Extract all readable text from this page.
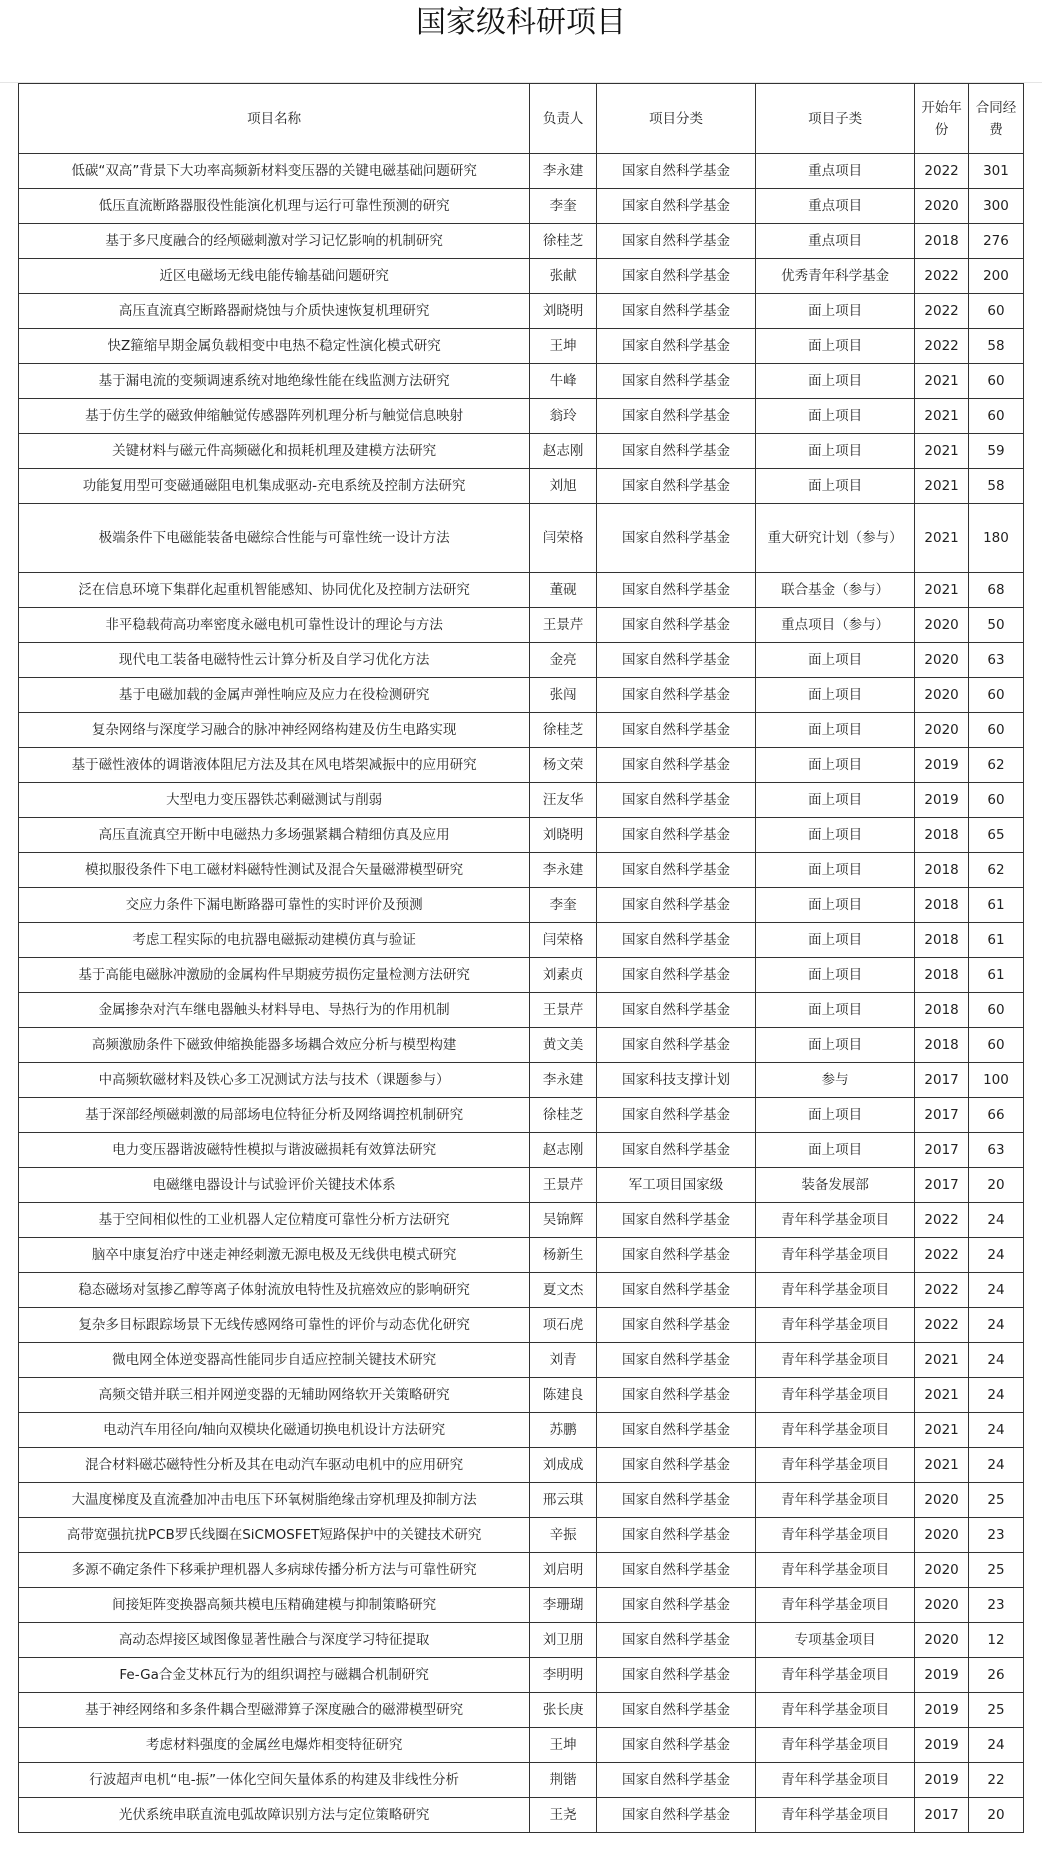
国家级科研项目
项目名称	负责人	项目分类	项目子类	开始年份	合同经费
低碳“双高”背景下大功率高频新材料变压器的关键电磁基础问题研究	李永建	国家自然科学基金	重点项目	2022	301
低压直流断路器服役性能演化机理与运行可靠性预测的研究	李奎	国家自然科学基金	重点项目	2020	300
基于多尺度融合的经颅磁刺激对学习记忆影响的机制研究	徐桂芝	国家自然科学基金	重点项目	2018	276
近区电磁场无线电能传输基础问题研究	张献	国家自然科学基金	优秀青年科学基金	2022	200
高压直流真空断路器耐烧蚀与介质快速恢复机理研究	刘晓明	国家自然科学基金	面上项目	2022	60
快Z箍缩早期金属负载相变中电热不稳定性演化模式研究	王坤	国家自然科学基金	面上项目	2022	58
基于漏电流的变频调速系统对地绝缘性能在线监测方法研究	牛峰	国家自然科学基金	面上项目	2021	60
基于仿生学的磁致伸缩触觉传感器阵列机理分析与触觉信息映射	翁玲	国家自然科学基金	面上项目	2021	60
关键材料与磁元件高频磁化和损耗机理及建模方法研究	赵志刚	国家自然科学基金	面上项目	2021	59
功能复用型可变磁通磁阻电机集成驱动-充电系统及控制方法研究	刘旭	国家自然科学基金	面上项目	2021	58
极端条件下电磁能装备电磁综合性能与可靠性统一设计方法	闫荣格	国家自然科学基金	重大研究计划（参与）	2021	180
泛在信息环境下集群化起重机智能感知、协同优化及控制方法研究	董砚	国家自然科学基金	联合基金（参与）	2021	68
非平稳载荷高功率密度永磁电机可靠性设计的理论与方法	王景芹	国家自然科学基金	重点项目（参与）	2020	50
现代电工装备电磁特性云计算分析及自学习优化方法	金亮	国家自然科学基金	面上项目	2020	63
基于电磁加载的金属声弹性响应及应力在役检测研究	张闯	国家自然科学基金	面上项目	2020	60
复杂网络与深度学习融合的脉冲神经网络构建及仿生电路实现	徐桂芝	国家自然科学基金	面上项目	2020	60
基于磁性液体的调谐液体阻尼方法及其在风电塔架减振中的应用研究	杨文荣	国家自然科学基金	面上项目	2019	62
大型电力变压器铁芯剩磁测试与削弱	汪友华	国家自然科学基金	面上项目	2019	60
高压直流真空开断中电磁热力多场强紧耦合精细仿真及应用	刘晓明	国家自然科学基金	面上项目	2018	65
模拟服役条件下电工磁材料磁特性测试及混合矢量磁滞模型研究	李永建	国家自然科学基金	面上项目	2018	62
交应力条件下漏电断路器可靠性的实时评价及预测	李奎	国家自然科学基金	面上项目	2018	61
考虑工程实际的电抗器电磁振动建模仿真与验证	闫荣格	国家自然科学基金	面上项目	2018	61
基于高能电磁脉冲激励的金属构件早期疲劳损伤定量检测方法研究	刘素贞	国家自然科学基金	面上项目	2018	61
金属掺杂对汽车继电器触头材料导电、导热行为的作用机制	王景芹	国家自然科学基金	面上项目	2018	60
高频激励条件下磁致伸缩换能器多场耦合效应分析与模型构建	黄文美	国家自然科学基金	面上项目	2018	60
中高频软磁材料及铁心多工况测试方法与技术（课题参与）	李永建	国家科技支撑计划	参与	2017	100
基于深部经颅磁刺激的局部场电位特征分析及网络调控机制研究	徐桂芝	国家自然科学基金	面上项目	2017	66
电力变压器谐波磁特性模拟与谐波磁损耗有效算法研究	赵志刚	国家自然科学基金	面上项目	2017	63
电磁继电器设计与试验评价关键技术体系	王景芹	军工项目国家级	装备发展部	2017	20
基于空间相似性的工业机器人定位精度可靠性分析方法研究	吴锦辉	国家自然科学基金	青年科学基金项目	2022	24
脑卒中康复治疗中迷走神经刺激无源电极及无线供电模式研究	杨新生	国家自然科学基金	青年科学基金项目	2022	24
稳态磁场对氢掺乙醇等离子体射流放电特性及抗癌效应的影响研究	夏文杰	国家自然科学基金	青年科学基金项目	2022	24
复杂多目标跟踪场景下无线传感网络可靠性的评价与动态优化研究	项石虎	国家自然科学基金	青年科学基金项目	2022	24
微电网全体逆变器高性能同步自适应控制关键技术研究	刘青	国家自然科学基金	青年科学基金项目	2021	24
高频交错并联三相并网逆变器的无辅助网络软开关策略研究	陈建良	国家自然科学基金	青年科学基金项目	2021	24
电动汽车用径向/轴向双模块化磁通切换电机设计方法研究	苏鹏	国家自然科学基金	青年科学基金项目	2021	24
混合材料磁芯磁特性分析及其在电动汽车驱动电机中的应用研究	刘成成	国家自然科学基金	青年科学基金项目	2021	24
大温度梯度及直流叠加冲击电压下环氧树脂绝缘击穿机理及抑制方法	邢云琪	国家自然科学基金	青年科学基金项目	2020	25
高带宽强抗扰PCB罗氏线圈在SiCMOSFET短路保护中的关键技术研究	辛振	国家自然科学基金	青年科学基金项目	2020	23
多源不确定条件下移乘护理机器人多病球传播分析方法与可靠性研究	刘启明	国家自然科学基金	青年科学基金项目	2020	25
间接矩阵变换器高频共模电压精确建模与抑制策略研究	李珊瑚	国家自然科学基金	青年科学基金项目	2020	23
高动态焊接区域图像显著性融合与深度学习特征提取	刘卫朋	国家自然科学基金	专项基金项目	2020	12
Fe-Ga合金艾林瓦行为的组织调控与磁耦合机制研究	李明明	国家自然科学基金	青年科学基金项目	2019	26
基于神经网络和多条件耦合型磁滞算子深度融合的磁滞模型研究	张长庚	国家自然科学基金	青年科学基金项目	2019	25
考虑材料强度的金属丝电爆炸相变特征研究	王坤	国家自然科学基金	青年科学基金项目	2019	24
行波超声电机“电-振”一体化空间矢量体系的构建及非线性分析	荆锴	国家自然科学基金	青年科学基金项目	2019	22
光伏系统串联直流电弧故障识别方法与定位策略研究	王尧	国家自然科学基金	青年科学基金项目	2017	20
